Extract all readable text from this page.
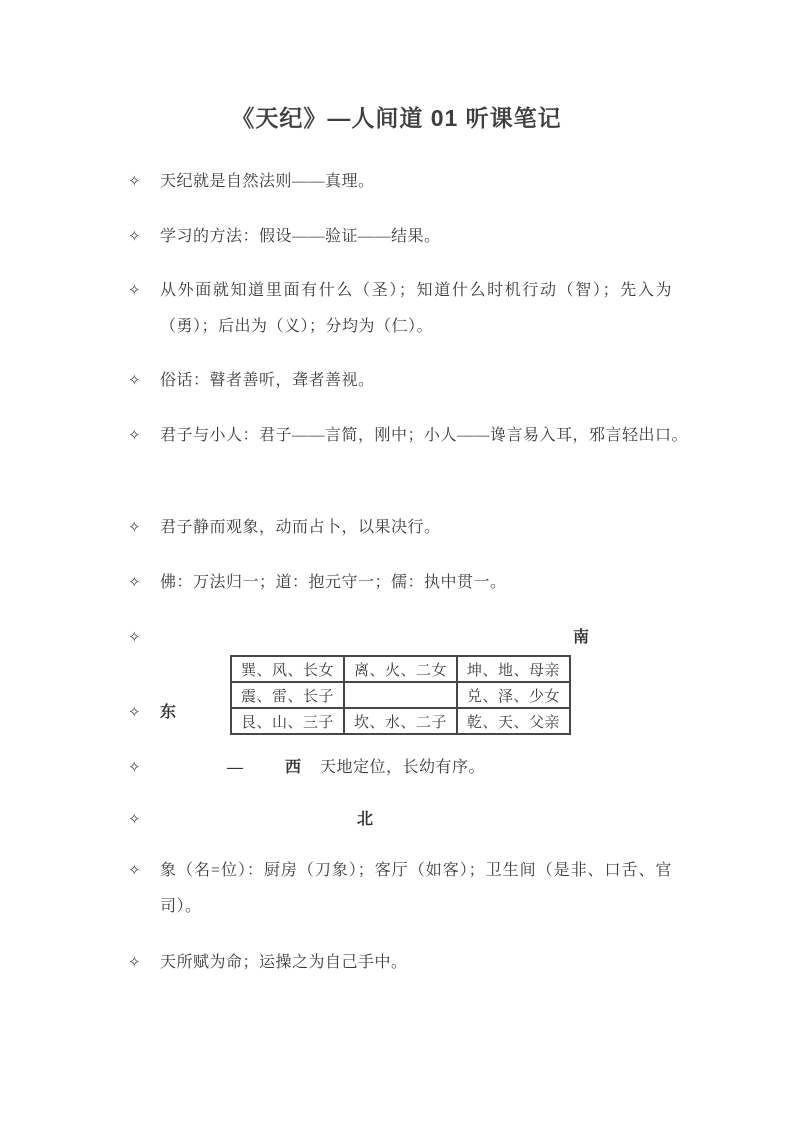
《天纪》—人间道 01 听课笔记
✧ 天纪就是自然法则——真理。
✧ 学习的方法：假设——验证——结果。
✧ 从外面就知道里面有什么（圣）；知道什么时机行动（智）；先入为（勇）；后出为（义）；分均为（仁）。
✧ 俗话：瞽者善听，聋者善视。
✧ 君子与小人：君子——言简，刚中；小人——谗言易入耳，邪言轻出口。
✧ 君子静而观象，动而占卜，以果决行。
✧ 佛：万法归一；道：抱元守一；儒：执中贯一。
✧	南
巽、风、长女	离、火、二女	坤、地、母亲
震、雷、长子		兑、泽、少女
艮、山、三子	坎、水、二子	乾、天、父亲
✧ 东
✧	—	西 天地定位，长幼有序。
✧	北
✧ 象（名=位）：厨房（刀象）；客厅（如客）；卫生间（是非、口舌、官司）。
✧ 天所赋为命；运操之为自己手中。
